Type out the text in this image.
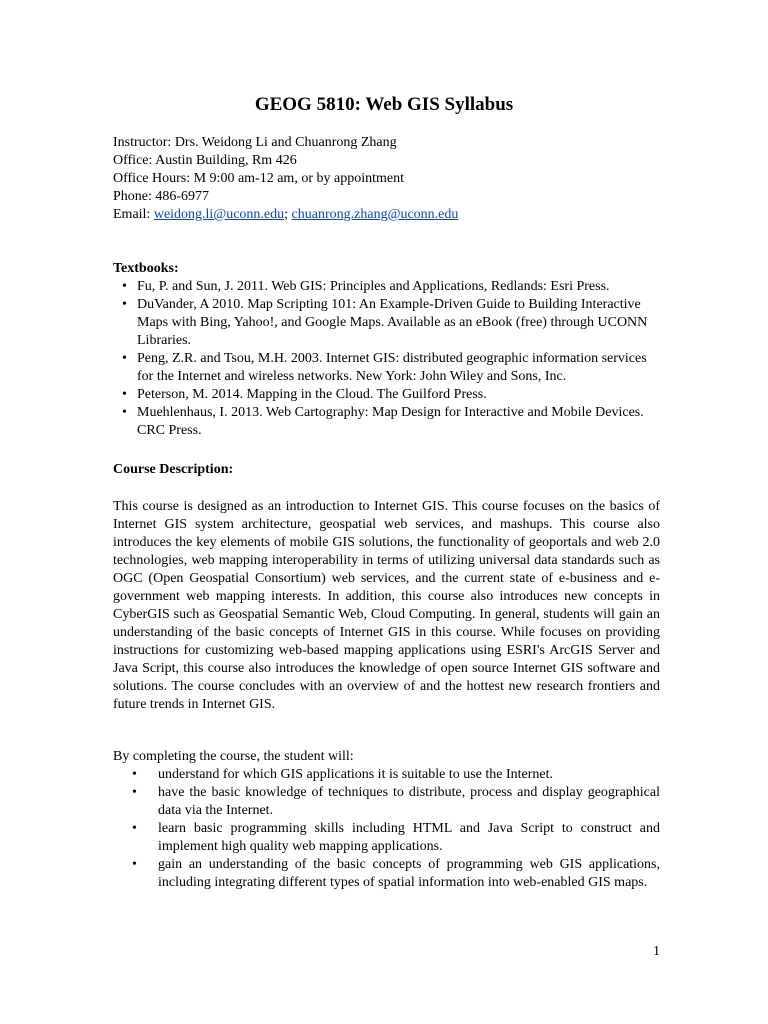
GEOG 5810: Web GIS Syllabus
Instructor: Drs. Weidong Li and Chuanrong Zhang
Office: Austin Building, Rm 426
Office Hours: M 9:00 am-12 am, or by appointment
Phone: 486-6977
Email: weidong.li@uconn.edu; chuanrong.zhang@uconn.edu
Textbooks:
• Fu, P. and Sun, J. 2011. Web GIS: Principles and Applications, Redlands: Esri Press.
• DuVander, A 2010. Map Scripting 101: An Example-Driven Guide to Building Interactive Maps with Bing, Yahoo!, and Google Maps. Available as an eBook (free) through UCONN Libraries.
• Peng, Z.R. and Tsou, M.H. 2003. Internet GIS: distributed geographic information services for the Internet and wireless networks. New York: John Wiley and Sons, Inc.
• Peterson, M. 2014. Mapping in the Cloud. The Guilford Press.
• Muehlenhaus, I. 2013. Web Cartography: Map Design for Interactive and Mobile Devices. CRC Press.
Course Description:
This course is designed as an introduction to Internet GIS. This course focuses on the basics of Internet GIS system architecture, geospatial web services, and mashups. This course also introduces the key elements of mobile GIS solutions, the functionality of geoportals and web 2.0 technologies, web mapping interoperability in terms of utilizing universal data standards such as OGC (Open Geospatial Consortium) web services, and the current state of e-business and e-government web mapping interests. In addition, this course also introduces new concepts in CyberGIS such as Geospatial Semantic Web, Cloud Computing. In general, students will gain an understanding of the basic concepts of Internet GIS in this course. While focuses on providing instructions for customizing web-based mapping applications using ESRI's ArcGIS Server and Java Script, this course also introduces the knowledge of open source Internet GIS software and solutions. The course concludes with an overview of and the hottest new research frontiers and future trends in Internet GIS.
By completing the course, the student will:
• understand for which GIS applications it is suitable to use the Internet.
• have the basic knowledge of techniques to distribute, process and display geographical data via the Internet.
• learn basic programming skills including HTML and Java Script to construct and implement high quality web mapping applications.
• gain an understanding of the basic concepts of programming web GIS applications, including integrating different types of spatial information into web-enabled GIS maps.
1
